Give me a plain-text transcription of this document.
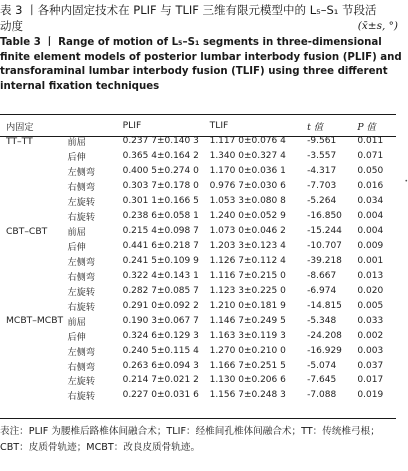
表 3 丨各种内固定技术在 PLIF 与 TLIF 三维有限元模型中的 L₅–S₁ 节段活
动度	(x̄±s, °)
Table 3 丨 Range of motion of L₅–S₁ segments in three-dimensional finite element models of posterior lumbar interbody fusion (PLIF) and transforaminal lumbar interbody fusion (TLIF) using three different internal fixation techniques
内固定		PLIF	TLIF	t 值	P 值
TT–TT	前屈	0.237 7±0.140 3	1.117 0±0.076 4	-9.561	0.011
	后伸	0.365 4±0.164 2	1.340 0±0.327 4	-3.557	0.071
	左侧弯	0.400 5±0.274 0	1.170 0±0.036 1	-4.317	0.050
	右侧弯	0.303 7±0.178 0	0.976 7±0.030 6	-7.703	0.016
	左旋转	0.301 1±0.166 5	1.053 3±0.080 8	-5.264	0.034
	右旋转	0.238 6±0.058 1	1.240 0±0.052 9	-16.850	0.004
CBT–CBT	前屈	0.215 4±0.098 7	1.073 0±0.046 2	-15.244	0.004
	后伸	0.441 6±0.218 7	1.203 3±0.123 4	-10.707	0.009
	左侧弯	0.241 5±0.109 9	1.126 7±0.112 4	-39.218	0.001
	右侧弯	0.322 4±0.143 1	1.116 7±0.215 0	-8.667	0.013
	左旋转	0.282 7±0.085 7	1.123 3±0.225 0	-6.974	0.020
	右旋转	0.291 0±0.092 2	1.210 0±0.181 9	-14.815	0.005
MCBT–MCBT	前屈	0.190 3±0.067 7	1.146 7±0.249 5	-5.348	0.033
	后伸	0.324 6±0.129 3	1.163 3±0.119 3	-24.208	0.002
	左侧弯	0.240 5±0.115 4	1.270 0±0.210 0	-16.929	0.003
	右侧弯	0.263 6±0.094 3	1.166 7±0.251 5	-5.074	0.037
	左旋转	0.214 7±0.021 2	1.130 0±0.206 6	-7.645	0.017
	右旋转	0.227 0±0.031 6	1.156 7±0.248 3	-7.088	0.019
表注：PLIF 为腰椎后路椎体间融合术；TLIF：经椎间孔椎体间融合术；TT：传统椎弓根；CBT：皮质骨轨迹；MCBT：改良皮质骨轨迹。
•
